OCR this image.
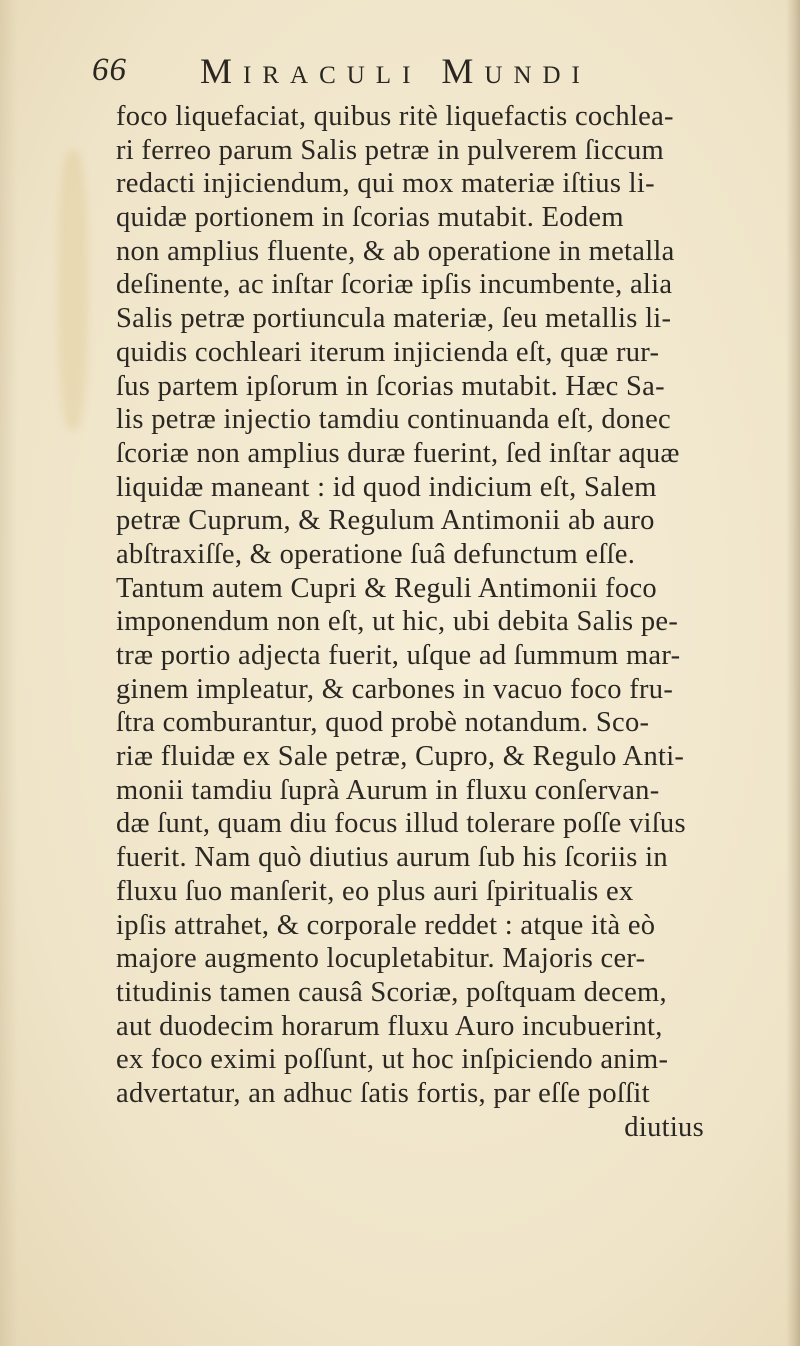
66 Miraculi Mundi
foco liquefaciat, quibus ritè liquefactis cochlea-
ri ferreo parum Salis petræ in pulverem ſiccum
redacti injiciendum, qui mox materiæ iſtius li-
quidæ portionem in ſcorias mutabit. Eodem
non amplius fluente, & ab operatione in metalla
deſinente, ac inſtar ſcoriæ ipſis incumbente, alia
Salis petræ portiuncula materiæ, ſeu metallis li-
quidis cochleari iterum injicienda eſt, quæ rur-
ſus partem ipſorum in ſcorias mutabit. Hæc Sa-
lis petræ injectio tamdiu continuanda eſt, donec
ſcoriæ non amplius duræ fuerint, ſed inſtar aquæ
liquidæ maneant : id quod indicium eſt, Salem
petræ Cuprum, & Regulum Antimonii ab auro
abſtraxiſſe, & operatione ſuâ defunctum eſſe.
Tantum autem Cupri & Reguli Antimonii foco
imponendum non eſt, ut hic, ubi debita Salis pe-
træ portio adjecta fuerit, uſque ad ſummum mar-
ginem impleatur, & carbones in vacuo foco fru-
ſtra comburantur, quod probè notandum. Sco-
riæ fluidæ ex Sale petræ, Cupro, & Regulo Anti-
monii tamdiu ſuprà Aurum in fluxu conſervan-
dæ ſunt, quam diu focus illud tolerare poſſe viſus
fuerit. Nam quò diutius aurum ſub his ſcoriis in
fluxu ſuo manſerit, eo plus auri ſpiritualis ex
ipſis attrahet, & corporale reddet : atque ità eò
majore augmento locupletabitur. Majoris cer-
titudinis tamen causâ Scoriæ, poſtquam decem,
aut duodecim horarum fluxu Auro incubuerint,
ex foco eximi poſſunt, ut hoc inſpiciendo anim-
advertatur, an adhuc ſatis fortis, par eſſe poſſit
diutius
